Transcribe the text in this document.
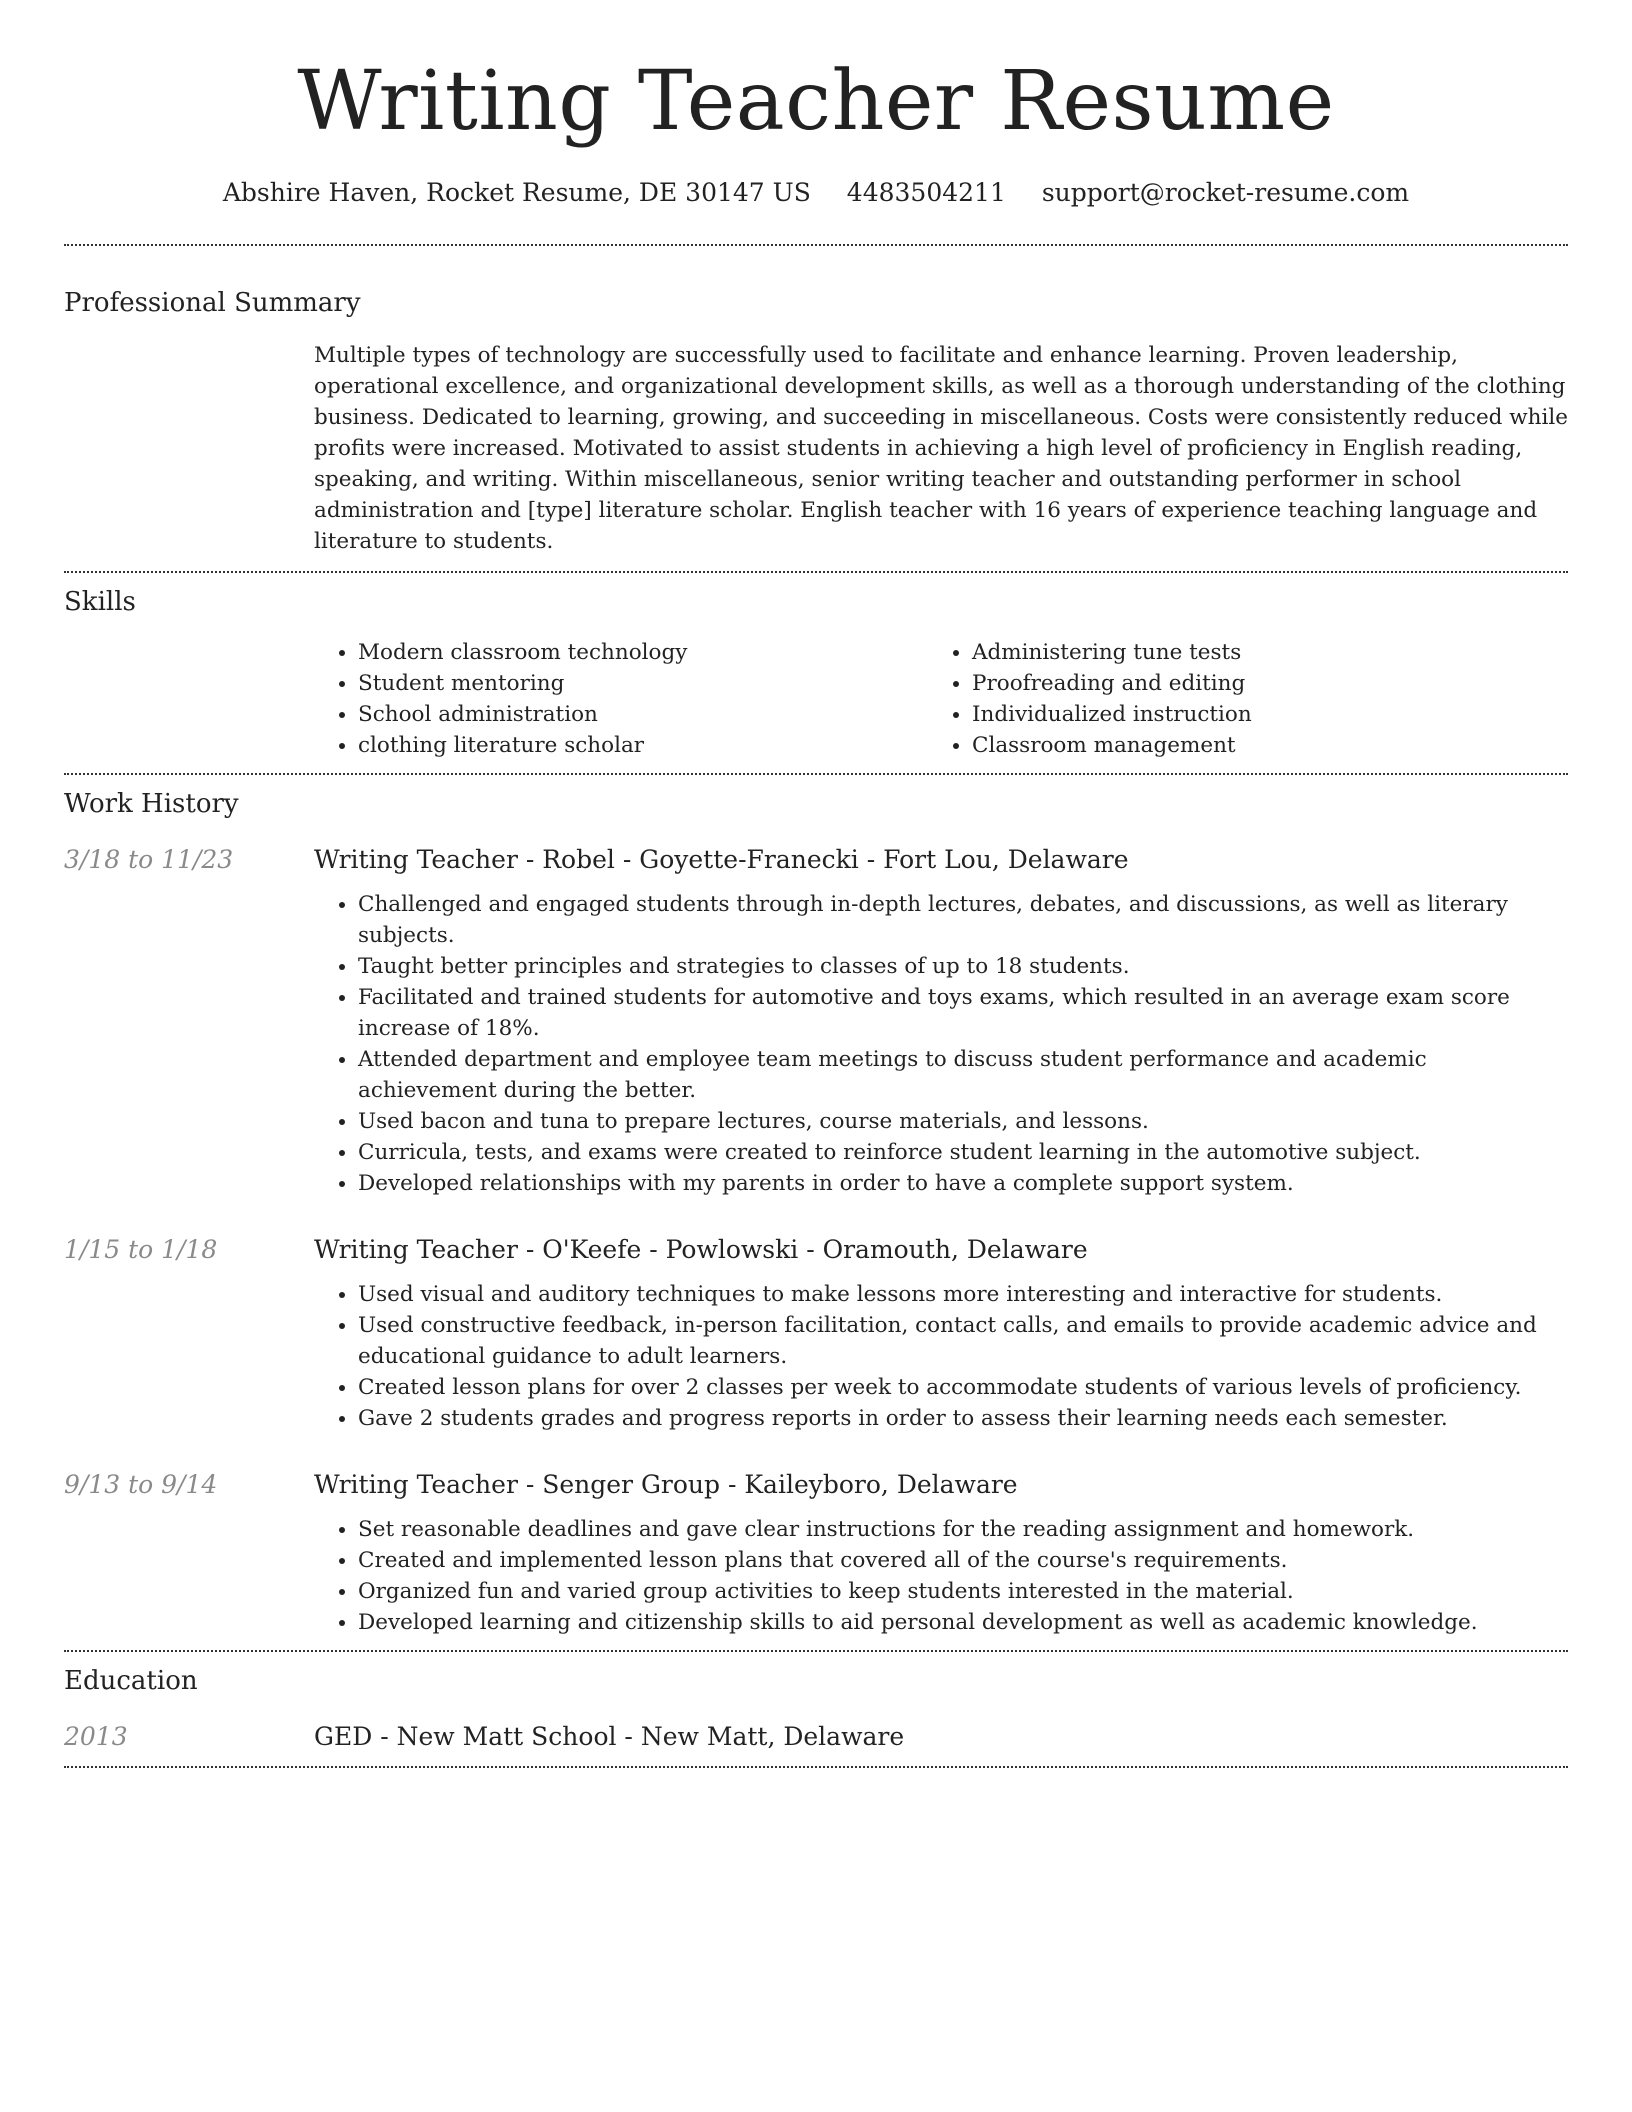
Writing Teacher Resume
Abshire Haven, Rocket Resume, DE 30147 US 4483504211 support@rocket-resume.com
Professional Summary
Multiple types of technology are successfully used to facilitate and enhance learning. Proven leadership, operational excellence, and organizational development skills, as well as a thorough understanding of the clothing business. Dedicated to learning, growing, and succeeding in miscellaneous. Costs were consistently reduced while profits were increased. Motivated to assist students in achieving a high level of proficiency in English reading, speaking, and writing. Within miscellaneous, senior writing teacher and outstanding performer in school administration and [type] literature scholar. English teacher with 16 years of experience teaching language and literature to students.
Skills
• Modern classroom technology
• Student mentoring
• School administration
• clothing literature scholar
• Administering tune tests
• Proofreading and editing
• Individualized instruction
• Classroom management
Work History
3/18 to 11/23	Writing Teacher - Robel - Goyette-Franecki - Fort Lou, Delaware
• Challenged and engaged students through in-depth lectures, debates, and discussions, as well as literary subjects.
• Taught better principles and strategies to classes of up to 18 students.
• Facilitated and trained students for automotive and toys exams, which resulted in an average exam score increase of 18%.
• Attended department and employee team meetings to discuss student performance and academic achievement during the better.
• Used bacon and tuna to prepare lectures, course materials, and lessons.
• Curricula, tests, and exams were created to reinforce student learning in the automotive subject.
• Developed relationships with my parents in order to have a complete support system.
1/15 to 1/18	Writing Teacher - O'Keefe - Powlowski - Oramouth, Delaware
• Used visual and auditory techniques to make lessons more interesting and interactive for students.
• Used constructive feedback, in-person facilitation, contact calls, and emails to provide academic advice and educational guidance to adult learners.
• Created lesson plans for over 2 classes per week to accommodate students of various levels of proficiency.
• Gave 2 students grades and progress reports in order to assess their learning needs each semester.
9/13 to 9/14	Writing Teacher - Senger Group - Kaileyboro, Delaware
• Set reasonable deadlines and gave clear instructions for the reading assignment and homework.
• Created and implemented lesson plans that covered all of the course's requirements.
• Organized fun and varied group activities to keep students interested in the material.
• Developed learning and citizenship skills to aid personal development as well as academic knowledge.
Education
2013	GED - New Matt School - New Matt, Delaware
